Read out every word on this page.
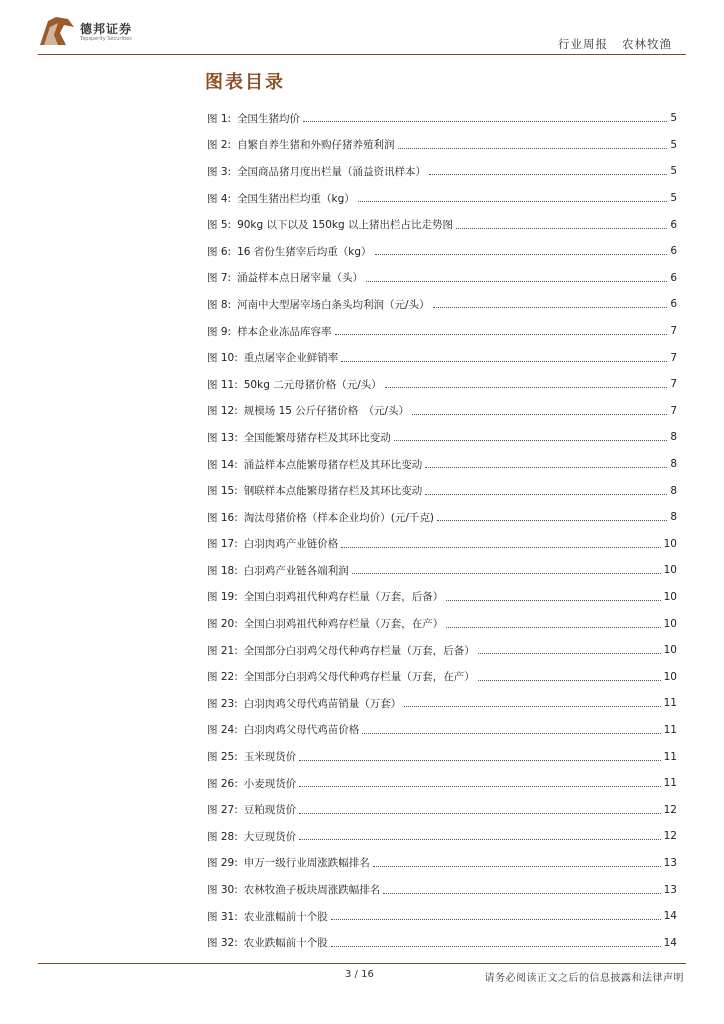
德邦证券
Topsperity Securities	行业周报 农林牧渔
图表目录
图 1: 全国生猪均价	5
图 2: 自繁自养生猪和外购仔猪养殖利润	5
图 3: 全国商品猪月度出栏量（涌益资讯样本）	5
图 4: 全国生猪出栏均重（kg）	5
图 5: 90kg 以下以及 150kg 以上猪出栏占比走势图	6
图 6: 16 省份生猪宰后均重（kg）	6
图 7: 涌益样本点日屠宰量（头）	6
图 8: 河南中大型屠宰场白条头均利润（元/头）	6
图 9: 样本企业冻品库容率	7
图 10: 重点屠宰企业鲜销率	7
图 11: 50kg 二元母猪价格（元/头）	7
图 12: 规模场 15 公斤仔猪价格　（元/头）	7
图 13: 全国能繁母猪存栏及其环比变动	8
图 14: 涌益样本点能繁母猪存栏及其环比变动	8
图 15: 钢联样本点能繁母猪存栏及其环比变动	8
图 16: 淘汰母猪价格（样本企业均价）(元/千克)	8
图 17: 白羽肉鸡产业链价格	10
图 18: 白羽鸡产业链各端利润	10
图 19: 全国白羽鸡祖代种鸡存栏量（万套，后备）	10
图 20: 全国白羽鸡祖代种鸡存栏量（万套，在产）	10
图 21: 全国部分白羽鸡父母代种鸡存栏量（万套，后备）	10
图 22: 全国部分白羽鸡父母代种鸡存栏量（万套，在产）	10
图 23: 白羽肉鸡父母代鸡苗销量（万套）	11
图 24: 白羽肉鸡父母代鸡苗价格	11
图 25: 玉米现货价	11
图 26: 小麦现货价	11
图 27: 豆粕现货价	12
图 28: 大豆现货价	12
图 29: 申万一级行业周涨跌幅排名	13
图 30: 农林牧渔子板块周涨跌幅排名	13
图 31: 农业涨幅前十个股	14
图 32: 农业跌幅前十个股	14
3 / 16	请务必阅读正文之后的信息披露和法律声明
